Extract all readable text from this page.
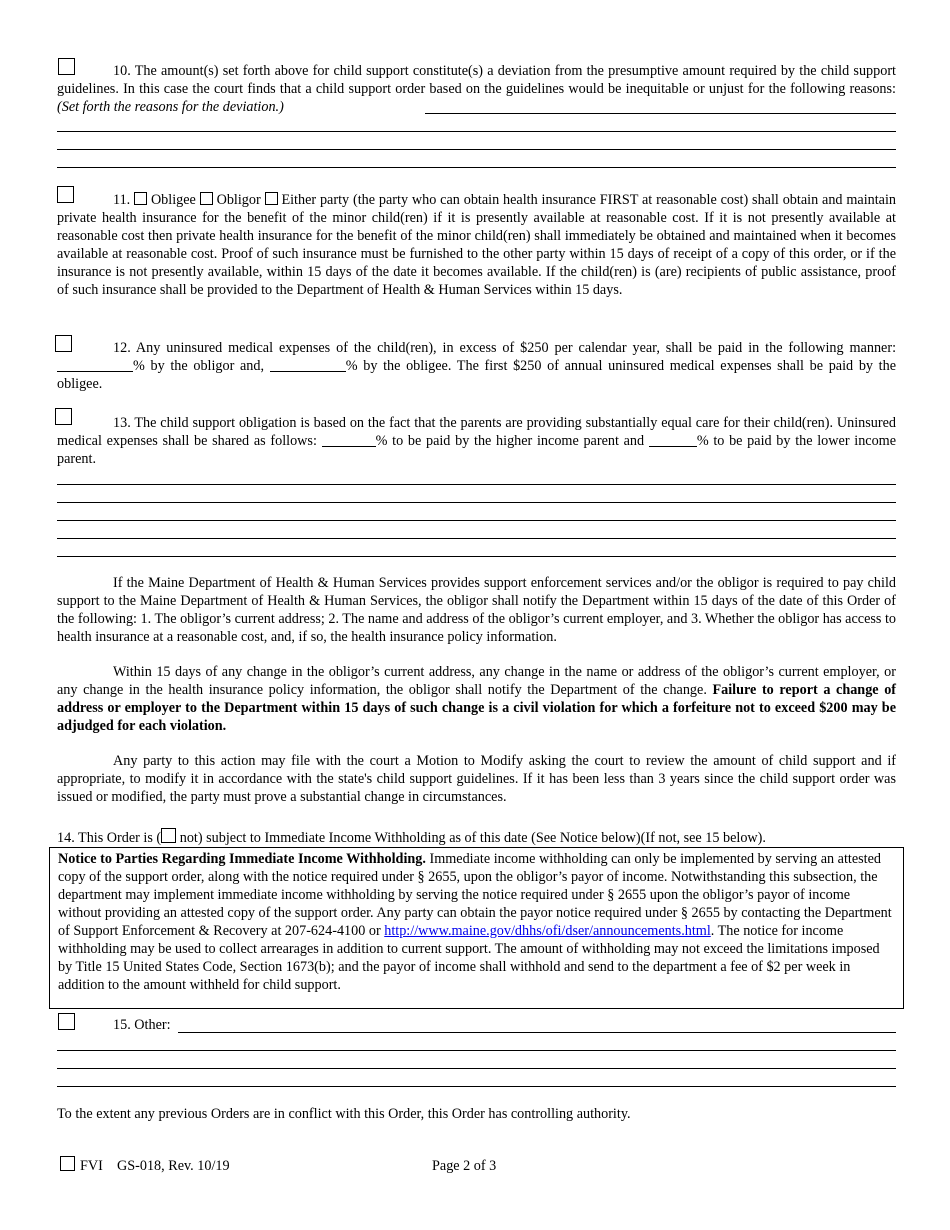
10. The amount(s) set forth above for child support constitute(s) a deviation from the presumptive amount required by the child support guidelines. In this case the court finds that a child support order based on the guidelines would be inequitable or unjust for the following reasons: (Set forth the reasons for the deviation.)
11. Obligee Obligor Either party (the party who can obtain health insurance FIRST at reasonable cost) shall obtain and maintain private health insurance for the benefit of the minor child(ren) if it is presently available at reasonable cost. If it is not presently available at reasonable cost then private health insurance for the benefit of the minor child(ren) shall immediately be obtained and maintained when it becomes available at reasonable cost. Proof of such insurance must be furnished to the other party within 15 days of receipt of a copy of this order, or if the insurance is not presently available, within 15 days of the date it becomes available. If the child(ren) is (are) recipients of public assistance, proof of such insurance shall be provided to the Department of Health & Human Services within 15 days.
12. Any uninsured medical expenses of the child(ren), in excess of $250 per calendar year, shall be paid in the following manner: % by the obligor and,	% by the obligee. The first $250 of annual uninsured medical expenses shall be paid by the obligee.
13. The child support obligation is based on the fact that the parents are providing substantially equal care for their child(ren). Uninsured medical expenses shall be shared as follows:	% to be paid by the higher income parent and	% to be paid by the lower income parent.
If the Maine Department of Health & Human Services provides support enforcement services and/or the obligor is required to pay child support to the Maine Department of Health & Human Services, the obligor shall notify the Department within 15 days of the date of this Order of the following: 1. The obligor’s current address; 2. The name and address of the obligor’s current employer, and 3. Whether the obligor has access to health insurance at a reasonable cost, and, if so, the health insurance policy information.
Within 15 days of any change in the obligor’s current address, any change in the name or address of the obligor’s current employer, or any change in the health insurance policy information, the obligor shall notify the Department of the change. Failure to report a change of address or employer to the Department within 15 days of such change is a civil violation for which a forfeiture not to exceed $200 may be adjudged for each violation.
Any party to this action may file with the court a Motion to Modify asking the court to review the amount of child support and if appropriate, to modify it in accordance with the state's child support guidelines. If it has been less than 3 years since the child support order was issued or modified, the party must prove a substantial change in circumstances.
14. This Order is ( not) subject to Immediate Income Withholding as of this date (See Notice below)(If not, see 15 below).

Notice to Parties Regarding Immediate Income Withholding. Immediate income withholding can only be implemented by serving an attested copy of the support order, along with the notice required under § 2655, upon the obligor’s payor of income. Notwithstanding this subsection, the department may implement immediate income withholding by serving the notice required under § 2655 upon the obligor’s payor of income without providing an attested copy of the support order. Any party can obtain the payor notice required under § 2655 by contacting the Department of Support Enforcement & Recovery at 207-624-4100 or http://www.maine.gov/dhhs/ofi/dser/announcements.html. The notice for income withholding may be used to collect arrearages in addition to current support. The amount of withholding may not exceed the limitations imposed by Title 15 United States Code, Section 1673(b); and the payor of income shall withhold and send to the department a fee of $2 per week in addition to the amount withheld for child support.

15. Other:
To the extent any previous Orders are in conflict with this Order, this Order has controlling authority.
FVI GS-018, Rev. 10/19	Page 2 of 3
